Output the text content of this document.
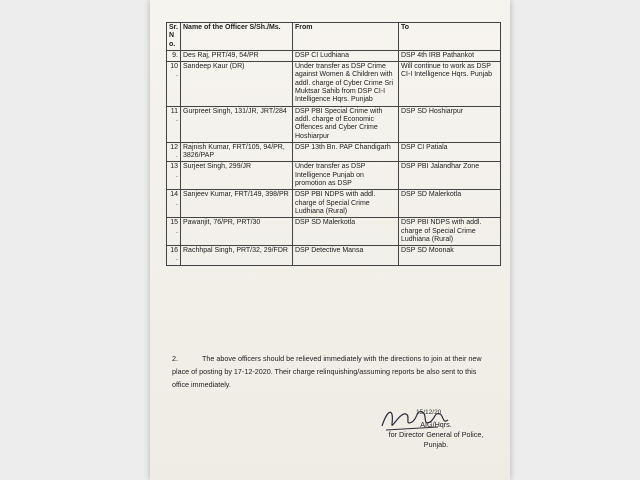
Sr. No.	Name of the Officer S/Sh./Ms.	From	To
9.	Des Raj, PRT/49, 54/PR	DSP CI Ludhiana	DSP 4th IRB Pathankot
10.	Sandeep Kaur (DR)	Under transfer as DSP Crime against Women & Children with addl. charge of Cyber Crime Sri Muktsar Sahib from DSP CI-I Intelligence Hqrs. Punjab	Will continue to work as DSP CI-I Intelligence Hqrs. Punjab
11.	Gurpreet Singh, 131/JR, JRT/284	DSP PBI Special Crime with addl. charge of Economic Offences and Cyber Crime Hoshiarpur	DSP SD Hoshiarpur
12.	Rajnish Kumar, FRT/105, 94/PR, 3826/PAP	DSP 13th Bn. PAP Chandigarh	DSP CI Patiala
13.	Surjeet Singh, 299/JR	Under transfer as DSP Intelligence Punjab on promotion as DSP	DSP PBI Jalandhar Zone
14.	Sanjeev Kumar, FRT/149, 398/PR	DSP PBI NDPS with addl. charge of Special Crime Ludhiana (Rural)	DSP SD Malerkotla
15.	Pawanjit, 76/PR, PRT/30	DSP SD Malerkotla	DSP PBI NDPS with addl. charge of Special Crime Ludhiana (Rural)
16.	Rachhpal Singh, PRT/32, 29/FDR	DSP Detective Mansa	DSP SD Moonak

2.	The above officers should be relieved immediately with the directions to join at their new place of posting by 17-12-2020. Their charge relinquishing/assuming reports be also sent to this office immediately.

15/12/20
AIG/Hqrs.
for Director General of Police,
Punjab.
